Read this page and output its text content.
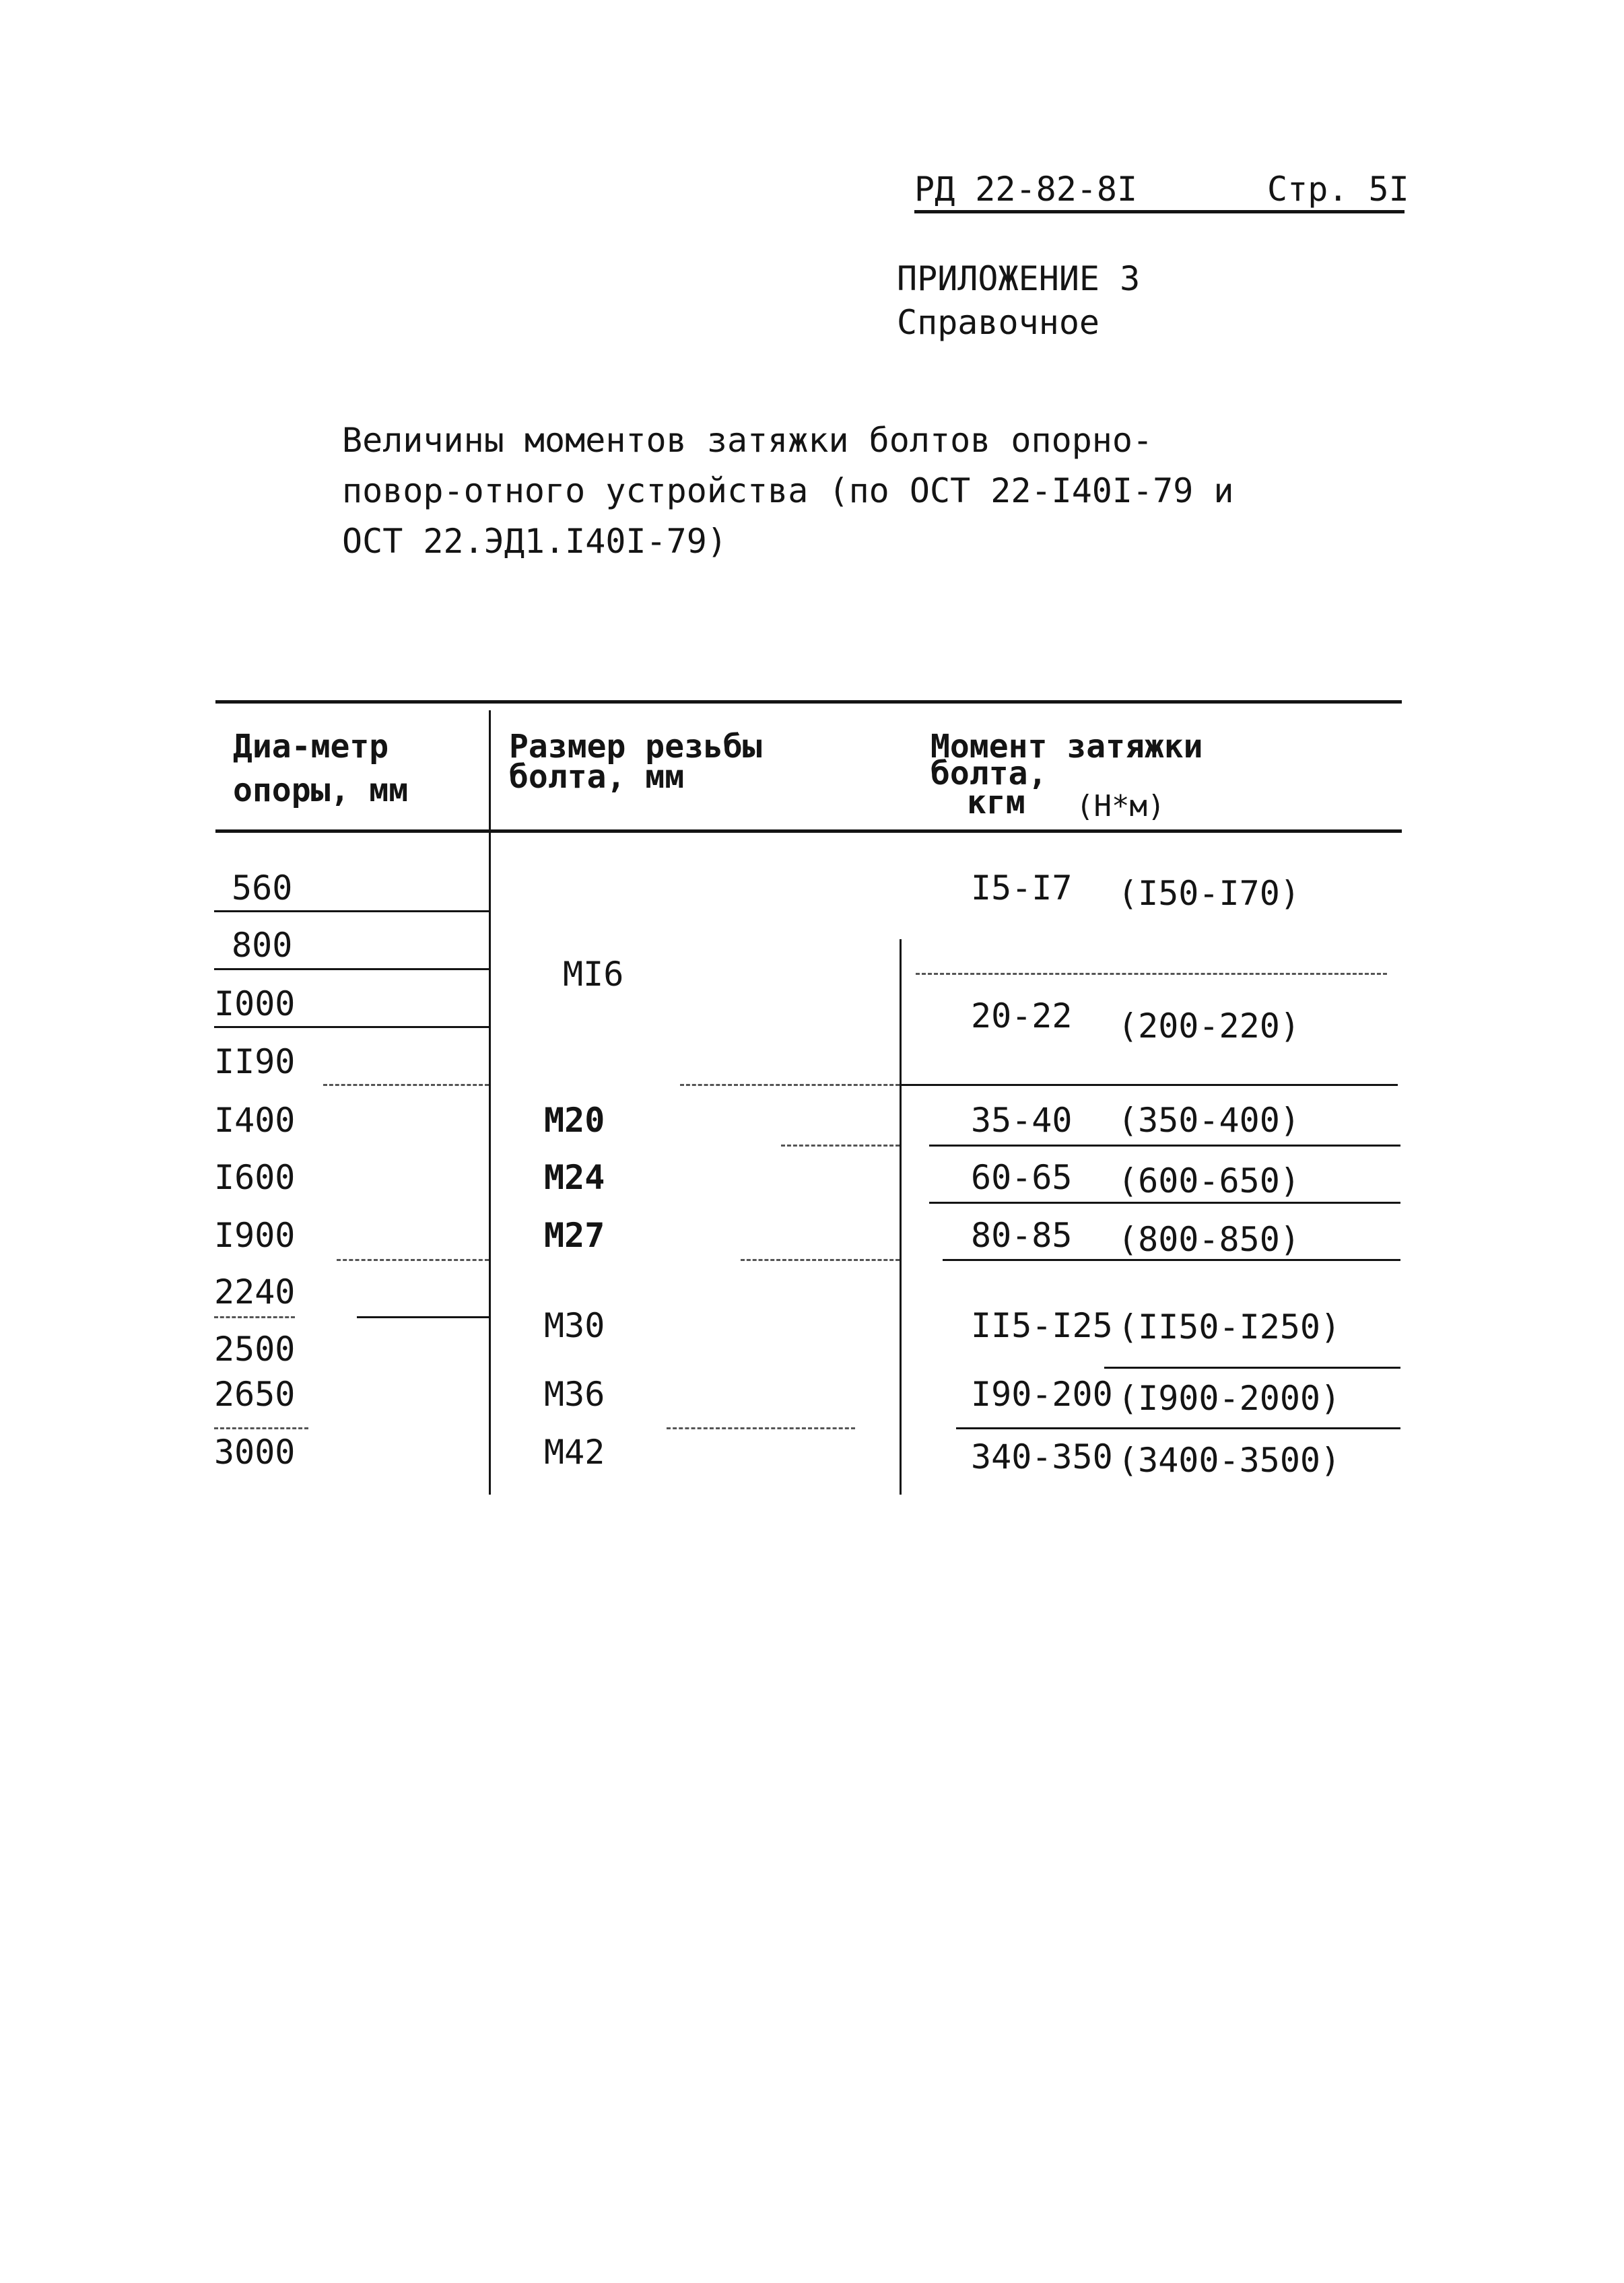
РД 22-82-8I	Стр. 5I
ПРИЛОЖЕНИЕ 3
Справочное
Величины моментов затяжки болтов опорно-
повор-отного устройства (по ОСТ 22-I40I-79 и
ОСТ 22.ЭД1.I40I-79)
Диа-метр
опоры, мм
Размер резьбы
болта, мм
Момент затяжки
болта,
кгм (Н*м)
560
800
I000
II90
I400
I600
I900
2240
2500
2650
3000
MI6
M20
M24
M27
M30
M36
M42
I5-I7 (I50-I70)
20-22 (200-220)
35-40 (350-400)
60-65 (600-650)
80-85 (800-850)
II5-I25 (II50-I250)
I90-200 (I900-2000)
340-350 (3400-3500)
